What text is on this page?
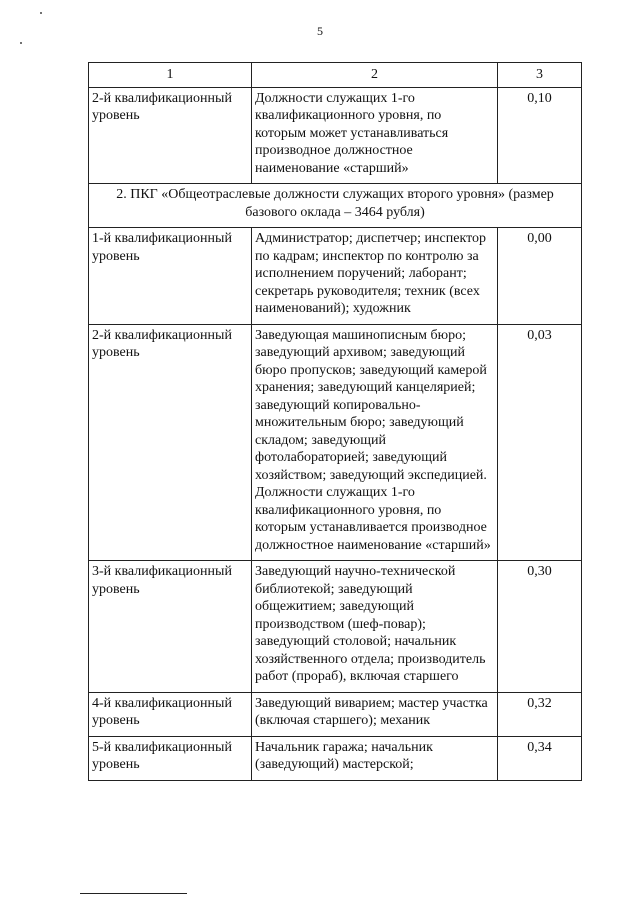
5
1	2	3
2-й квалификационный уровень	Должности служащих 1-го квалификационного уровня, по которым может устанавливаться производное должностное наименование «старший»	0,10
2. ПКГ «Общеотраслевые должности служащих второго уровня» (размер базового оклада – 3464 рубля)		
1-й квалификационный уровень	Администратор; диспетчер; инспектор по кадрам; инспектор по контролю за исполнением поручений; лаборант; секретарь руководителя; техник (всех наименований); художник	0,00
2-й квалификационный уровень	Заведующая машинописным бюро; заведующий архивом; заведующий бюро пропусков; заведующий камерой хранения; заведующий канцелярией; заведующий копировально-множительным бюро; заведующий складом; заведующий фотолабораторией; заведующий хозяйством; заведующий экспедицией. Должности служащих 1-го квалификационного уровня, по которым устанавливается производное должностное наименование «старший»	0,03
3-й квалификационный уровень	Заведующий научно-технической библиотекой; заведующий общежитием; заведующий производством (шеф-повар); заведующий столовой; начальник хозяйственного отдела; производитель работ (прораб), включая старшего	0,30
4-й квалификационный уровень	Заведующий виварием; мастер участка (включая старшего); механик	0,32
5-й квалификационный уровень	Начальник гаража; начальник (заведующий) мастерской;	0,34
